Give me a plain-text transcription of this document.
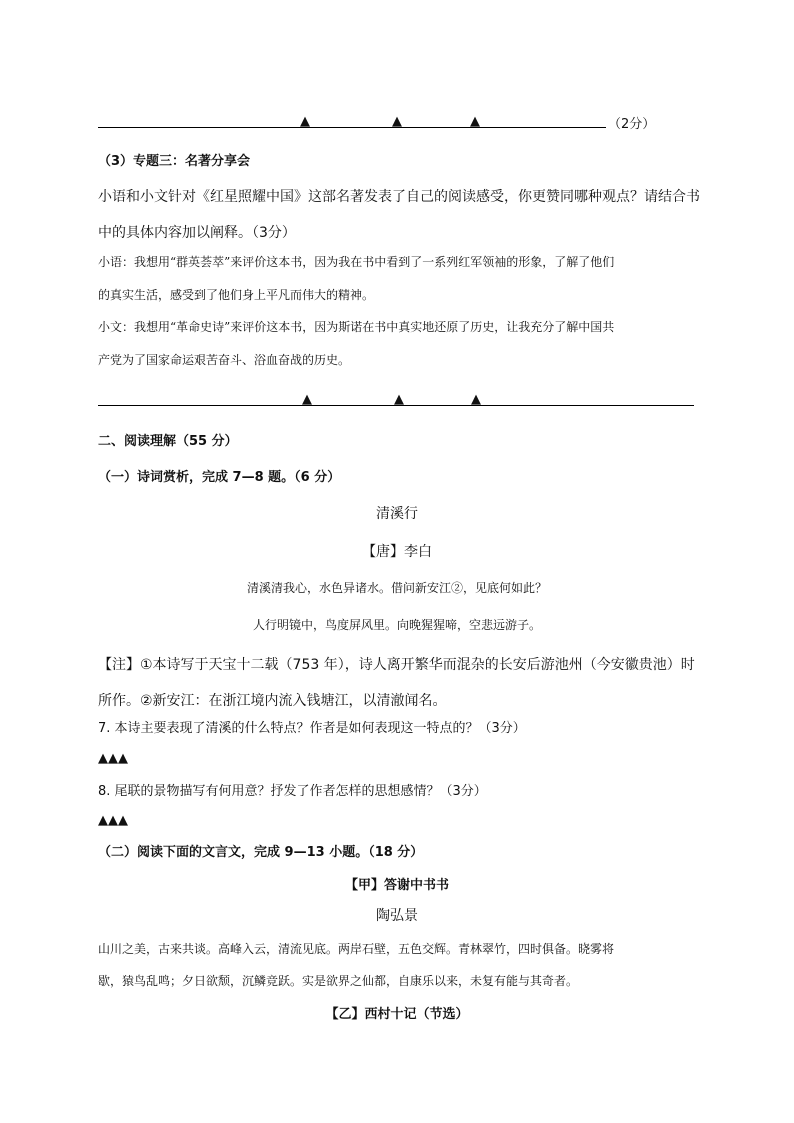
▲	▲	▲	（2分）
（3）专题三：名著分享会
小语和小文针对《红星照耀中国》这部名著发表了自己的阅读感受，你更赞同哪种观点？请结合书
中的具体内容加以阐释。（3分）
小语：我想用“群英荟萃”来评价这本书，因为我在书中看到了一系列红军领袖的形象，了解了他们
的真实生活，感受到了他们身上平凡而伟大的精神。
小文：我想用“革命史诗”来评价这本书，因为斯诺在书中真实地还原了历史，让我充分了解中国共
产党为了国家命运艰苦奋斗、浴血奋战的历史。
▲	▲	▲
二、阅读理解（55 分）
（一）诗词赏析，完成 7—8 题。（6 分）
清溪行
【唐】李白
清溪清我心，水色异诸水。借问新安江②，见底何如此？
人行明镜中，鸟度屏风里。向晚猩猩啼，空悲远游子。
【注】①本诗写于天宝十二载（753 年），诗人离开繁华而混杂的长安后游池州（今安徽贵池）时
所作。②新安江：在浙江境内流入钱塘江，以清澈闻名。
7. 本诗主要表现了清溪的什么特点？作者是如何表现这一特点的？（3分）
▲▲▲
8. 尾联的景物描写有何用意？抒发了作者怎样的思想感情？（3分）
▲▲▲
（二）阅读下面的文言文，完成 9—13 小题。（18 分）
【甲】答谢中书书
陶弘景
山川之美，古来共谈。高峰入云，清流见底。两岸石壁，五色交辉。青林翠竹，四时俱备。晓雾将
歇，猿鸟乱鸣；夕日欲颓，沉鳞竞跃。实是欲界之仙都，自康乐以来，未复有能与其奇者。
【乙】西村十记（节选）
